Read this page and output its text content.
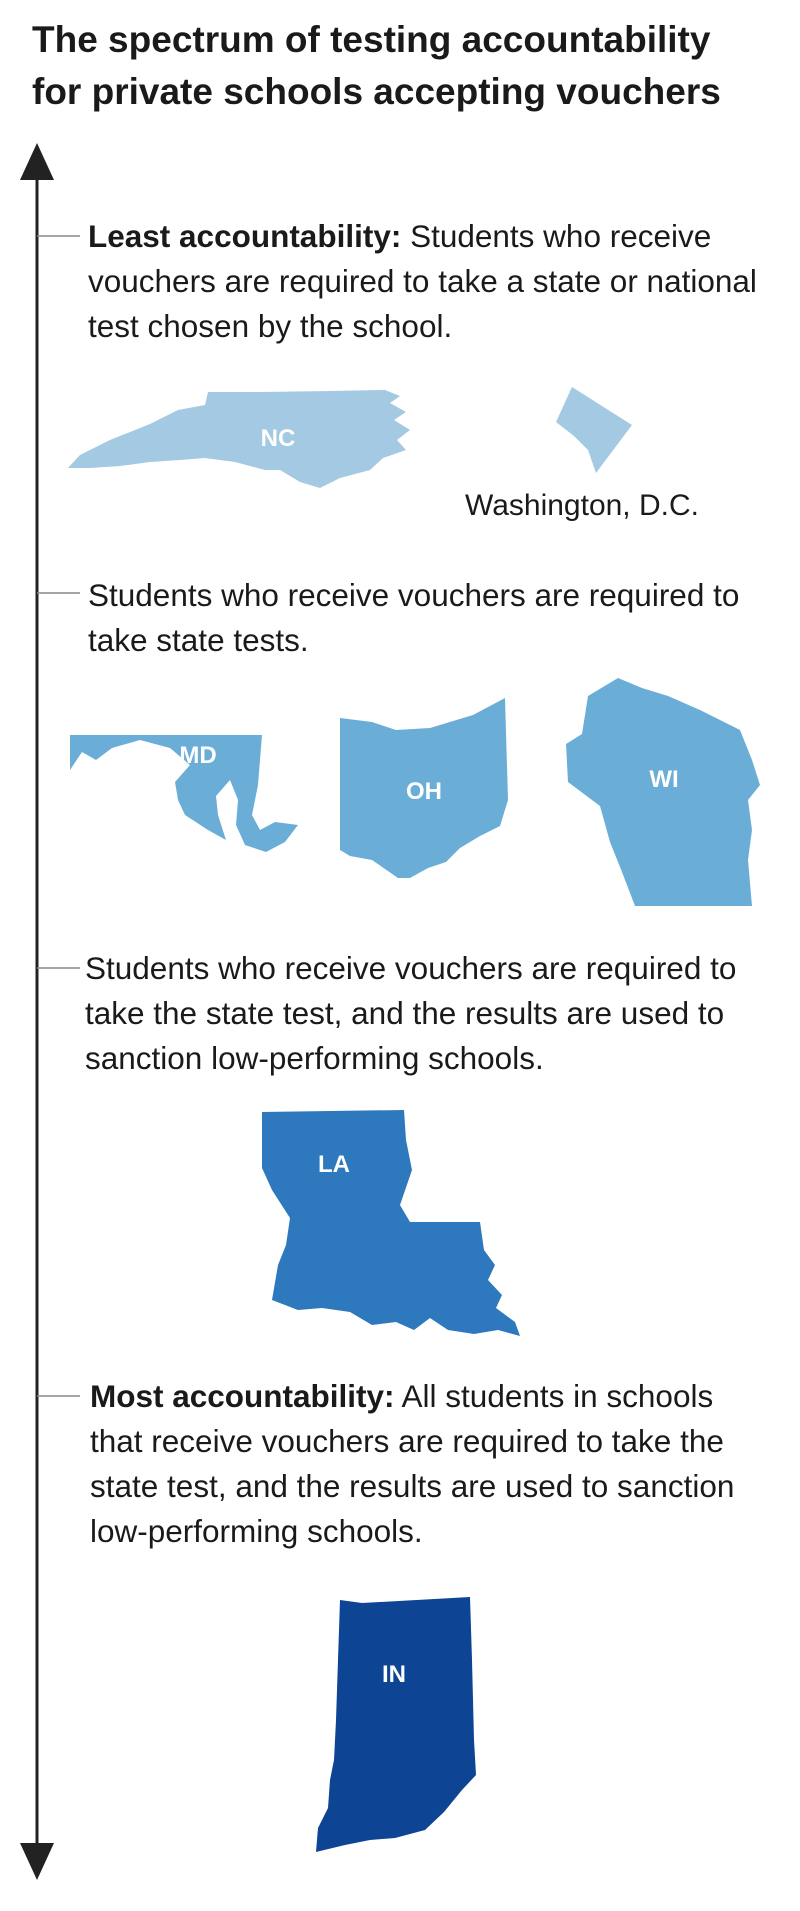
The spectrum of testing accountability
for private schools accepting vouchers
NC
MD
OH	WI
LA
IN

Least accountability: Students who receive vouchers are required to take a state or national test chosen by the school.

Washington, D.C.

Students who receive vouchers are required to take state tests.

Students who receive vouchers are required to take the state test, and the results are used to sanction low-performing schools.

Most accountability: All students in schools that receive vouchers are required to take the state test, and the results are used to sanction low-performing schools.
